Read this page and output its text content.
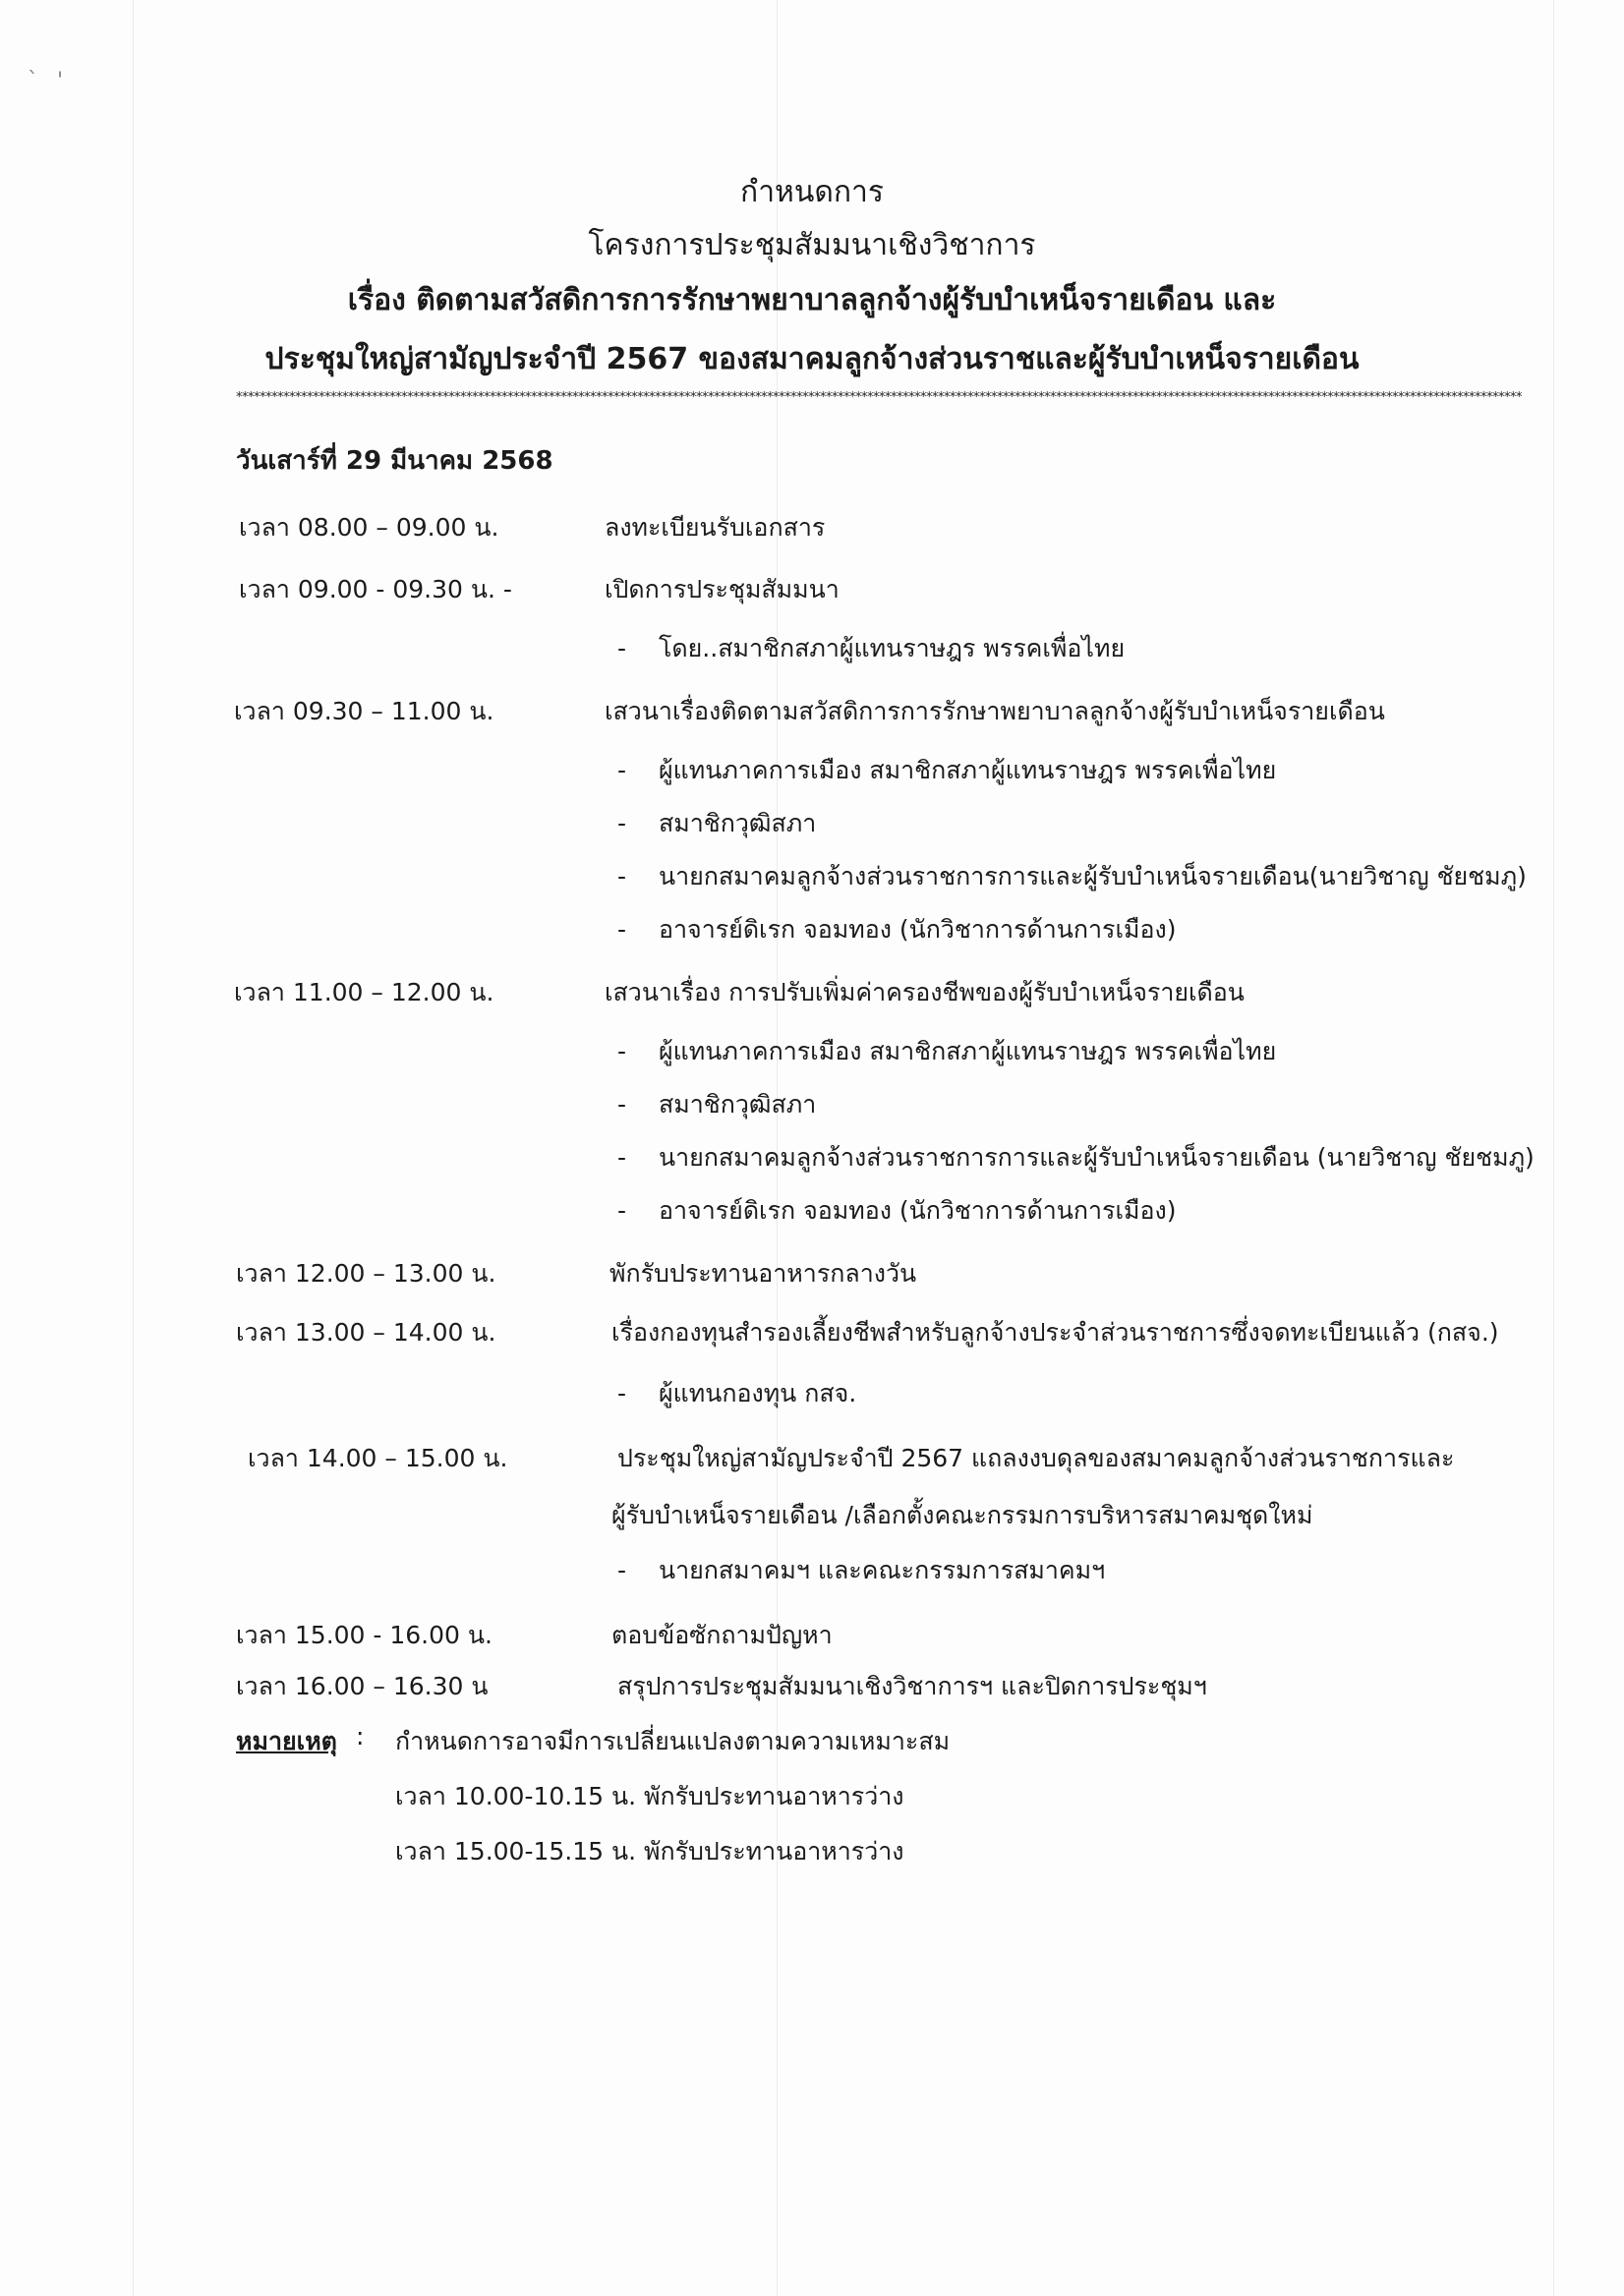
` '
กำหนดการ
โครงการประชุมสัมมนาเชิงวิชาการ
เรื่อง ติดตามสวัสดิการการรักษาพยาบาลลูกจ้างผู้รับบำเหน็จรายเดือน และ
ประชุมใหญ่สามัญประจำปี 2567 ของสมาคมลูกจ้างส่วนราชและผู้รับบำเหน็จรายเดือน
**************************************************************************************************************************************************************************************************************************
วันเสาร์ที่ 29 มีนาคม 2568
เวลา 08.00 – 09.00 น.	ลงทะเบียนรับเอกสาร
เวลา 09.00 - 09.30 น. -	เปิดการประชุมสัมมนา
- โดย..สมาชิกสภาผู้แทนราษฎร พรรคเพื่อไทย
เวลา 09.30 – 11.00 น.	เสวนาเรื่องติดตามสวัสดิการการรักษาพยาบาลลูกจ้างผู้รับบำเหน็จรายเดือน
- ผู้แทนภาคการเมือง สมาชิกสภาผู้แทนราษฎร พรรคเพื่อไทย
- สมาชิกวุฒิสภา
- นายกสมาคมลูกจ้างส่วนราชการการและผู้รับบำเหน็จรายเดือน(นายวิชาญ ชัยชมภู)
- อาจารย์ดิเรก จอมทอง (นักวิชาการด้านการเมือง)
เวลา 11.00 – 12.00 น.	เสวนาเรื่อง การปรับเพิ่มค่าครองชีพของผู้รับบำเหน็จรายเดือน
- ผู้แทนภาคการเมือง สมาชิกสภาผู้แทนราษฎร พรรคเพื่อไทย
- สมาชิกวุฒิสภา
- นายกสมาคมลูกจ้างส่วนราชการการและผู้รับบำเหน็จรายเดือน (นายวิชาญ ชัยชมภู)
- อาจารย์ดิเรก จอมทอง (นักวิชาการด้านการเมือง)
เวลา 12.00 – 13.00 น.	พักรับประทานอาหารกลางวัน
เวลา 13.00 – 14.00 น.	เรื่องกองทุนสำรองเลี้ยงชีพสำหรับลูกจ้างประจำส่วนราชการซึ่งจดทะเบียนแล้ว (กสจ.)
- ผู้แทนกองทุน กสจ.
เวลา 14.00 – 15.00 น.	ประชุมใหญ่สามัญประจำปี 2567 แถลงงบดุลของสมาคมลูกจ้างส่วนราชการและ
ผู้รับบำเหน็จรายเดือน /เลือกตั้งคณะกรรมการบริหารสมาคมชุดใหม่
- นายกสมาคมฯ และคณะกรรมการสมาคมฯ
เวลา 15.00 - 16.00 น.	ตอบข้อซักถามปัญหา
เวลา 16.00 – 16.30 น	สรุปการประชุมสัมมนาเชิงวิชาการฯ และปิดการประชุมฯ
หมายเหตุ : กำหนดการอาจมีการเปลี่ยนแปลงตามความเหมาะสม
เวลา 10.00-10.15 น. พักรับประทานอาหารว่าง
เวลา 15.00-15.15 น. พักรับประทานอาหารว่าง
